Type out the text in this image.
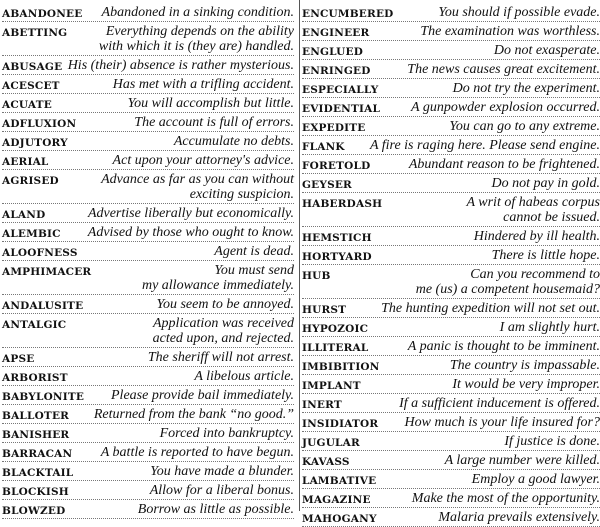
ABANDONEE	Abandoned in a sinking condition.
ABETTING	Everything depends on the ability
with which it is (they are) handled.
ABUSAGE His (their) absence is rather mysterious.
ACESCET	Has met with a trifling accident.
ACUATE	You will accomplish but little.
ADFLUXION	The account is full of errors.
ADJUTORY	Accumulate no debts.
AERIAL	Act upon your attorney's advice.
AGRISED	Advance as far as you can without
exciting suspicion.
ALAND	Advertise liberally but economically.
ALEMBIC	Advised by those who ought to know.
ALOOFNESS	Agent is dead.
AMPHIMACER	You must send
my allowance immediately.
ANDALUSITE	You seem to be annoyed.
ANTALGIC	Application was received
acted upon, and rejected.
APSE	The sheriff will not arrest.
ARBORIST	A libelous article.
BABYLONITE	Please provide bail immediately.
BALLOTER	Returned from the bank “no good.”
BANISHER	Forced into bankruptcy.
BARRACAN	A battle is reported to have begun.
BLACKTAIL	You have made a blunder.
BLOCKISH	Allow for a liberal bonus.
BLOWZED	Borrow as little as possible.
ENCUMBERED	You should if possible evade.
ENGINEER	The examination was worthless.
ENGLUED	Do not exasperate.
ENRINGED	The news causes great excitement.
ESPECIALLY	Do not try the experiment.
EVIDENTIAL	A gunpowder explosion occurred.
EXPEDITE	You can go to any extreme.
FLANK	A fire is raging here. Please send engine.
FORETOLD	Abundant reason to be frightened.
GEYSER	Do not pay in gold.
HABERDASH	A writ of habeas corpus
cannot be issued.
HEMSTICH	Hindered by ill health.
HORTYARD	There is little hope.
HUB	Can you recommend to
me (us) a competent housemaid?
HURST	The hunting expedition will not set out.
HYPOZOIC	I am slightly hurt.
ILLITERAL	A panic is thought to be imminent.
IMBIBITION	The country is impassable.
IMPLANT	It would be very improper.
INERT	If a sufficient inducement is offered.
INSIDIATOR	How much is your life insured for?
JUGULAR	If justice is done.
KAVASS	A large number were killed.
LAMBATIVE	Employ a good lawyer.
MAGAZINE	Make the most of the opportunity.
MAHOGANY	Malaria prevails extensively.
